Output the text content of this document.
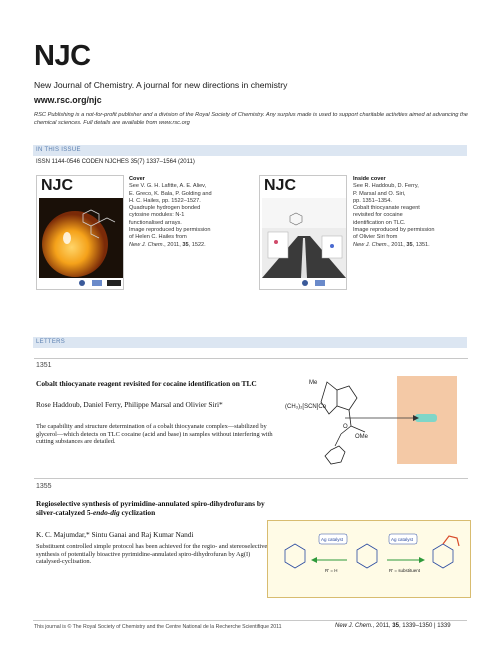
NJC
New Journal of Chemistry. A journal for new directions in chemistry
www.rsc.org/njc
RSC Publishing is a not-for-profit publisher and a division of the Royal Society of Chemistry. Any surplus made is used to support charitable activities aimed at advancing the chemical sciences. Full details are available from www.rsc.org
IN THIS ISSUE
ISSN 1144-0546 CODEN NJCHES 35(7) 1337–1564 (2011)
NJC	Cover
See V. G. H. Lafitte, A. E. Aliev,
E. Greco, K. Bala, P. Golding and
H. C. Hailes, pp. 1522–1527.
Quadruple hydrogen bonded
cytosine modules: N-1
functionalised arrays.
Image reproduced by permission
of Helen C. Hailes from
New J. Chem., 2011, 35, 1522.
NJC	Inside cover
See R. Haddoub, D. Ferry,
P. Marsal and O. Siri,
pp. 1351–1354.
Cobalt thiocyanate reagent
revisited for cocaine
identification on TLC.
Image reproduced by permission
of Olivier Siri from
New J. Chem., 2011, 35, 1351.
LETTERS
1351
Cobalt thiocyanate reagent revisited for cocaine identification on TLC
Rose Haddoub, Daniel Ferry, Philippe Marsal and Olivier Siri*
The capability and structure determination of a cobalt thiocyanate complex—stabilized by glycerol—which detects on TLC cocaine (acid and base) in samples without interfering with cutting substances are detailed.
Me
(CH₃)₂[SCN]Co
O
OMe
1355
Regioselective synthesis of pyrimidine-annulated spiro-dihydrofurans by silver-catalyzed 5-endo-dig cyclization
K. C. Majumdar,* Sintu Ganai and Raj Kumar Nandi
Substituent controlled simple protocol has been achieved for the regio- and stereoselective synthesis of potentially bioactive pyrimidine-annulated spiro-dihydrofuran by Ag(I) catalysed-cyclisation.
Ag catalyst	Ag catalyst
R' = H	R' = substituent
This journal is © The Royal Society of Chemistry and the Centre National de la Recherche Scientifique 2011	New J. Chem., 2011, 35, 1339–1350 | 1339
